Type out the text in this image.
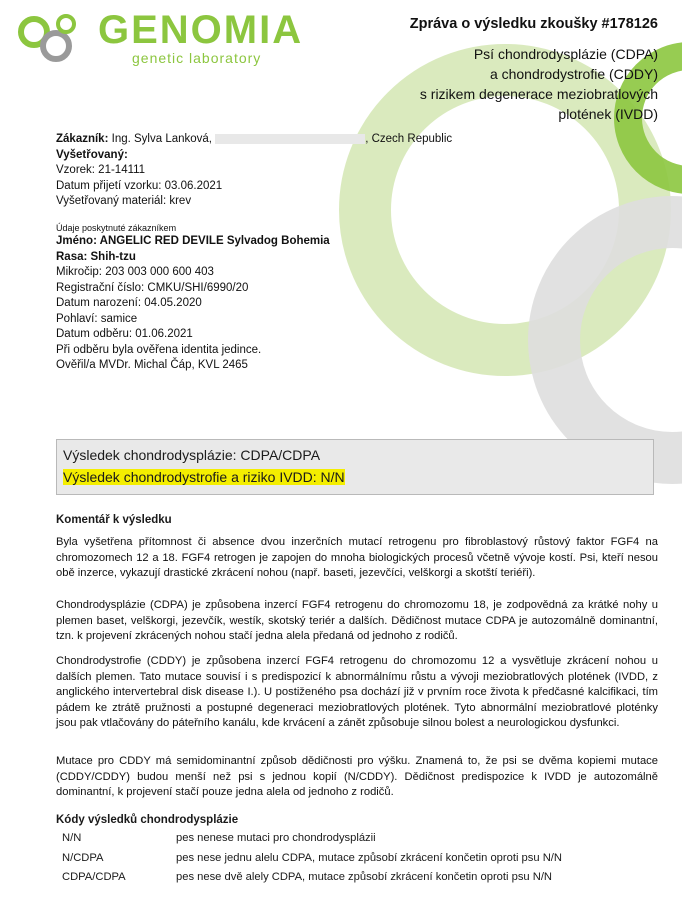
GENOMIA
genetic laboratory
Zpráva o výsledku zkoušky #178126
Psí chondrodysplázie (CDPA)
a chondrodystrofie (CDDY)
s rizikem degenerace meziobratlových
plotének (IVDD)
Zákazník: Ing. Sylva Lanková,	, Czech Republic
Vyšetřovaný:
Vzorek: 21-14111
Datum přijetí vzorku: 03.06.2021
Vyšetřovaný materiál: krev
Údaje poskytnuté zákazníkem
Jméno: ANGELIC RED DEVILE Sylvadog Bohemia
Rasa: Shih-tzu
Mikročip: 203 003 000 600 403
Registrační číslo: CMKU/SHI/6990/20
Datum narození: 04.05.2020
Pohlaví: samice
Datum odběru: 01.06.2021
Při odběru byla ověřena identita jedince.
Ověřil/a MVDr. Michal Čáp, KVL 2465
Výsledek chondrodysplázie: CDPA/CDPA
Výsledek chondrodystrofie a riziko IVDD: N/N
Komentář k výsledku
Byla vyšetřena přítomnost či absence dvou inzerčních mutací retrogenu pro fibroblastový růstový faktor FGF4 na chromozomech 12 a 18. FGF4 retrogen je zapojen do mnoha biologických procesů včetně vývoje kostí. Psi, kteří nesou obě inzerce, vykazují drastické zkrácení nohou (např. baseti, jezevčíci, velškorgi a skotští teriéři).
Chondrodysplázie (CDPA) je způsobena inzercí FGF4 retrogenu do chromozomu 18, je zodpovědná za krátké nohy u plemen baset, velškorgi, jezevčík, westík, skotský teriér a dalších. Dědičnost mutace CDPA je autozomálně dominantní, tzn. k projevení zkrácených nohou stačí jedna alela předaná od jednoho z rodičů.
Chondrodystrofie (CDDY) je způsobena inzercí FGF4 retrogenu do chromozomu 12 a vysvětluje zkrácení nohou u dalších plemen. Tato mutace souvisí i s predispozicí k abnormálnímu růstu a vývoji meziobratlových plotének (IVDD, z anglického intervertebral disk disease I.). U postiženého psa dochází již v prvním roce života k předčasné kalcifikaci, tím pádem ke ztrátě pružnosti a postupné degeneraci meziobratlových plotének. Tyto abnormální meziobratlové ploténky jsou pak vtlačovány do páteřního kanálu, kde krvácení a zánět způsobuje silnou bolest a neurologickou dysfunkci.
Mutace pro CDDY má semidominantní způsob dědičnosti pro výšku. Znamená to, že psi se dvěma kopiemi mutace (CDDY/CDDY) budou menší než psi s jednou kopií (N/CDDY). Dědičnost predispozice k IVDD je autozomálně dominantní, k projevení stačí pouze jedna alela od jednoho z rodičů.
Kódy výsledků chondrodysplázie
N/N	pes nenese mutaci pro chondrodysplázii
N/CDPA	pes nese jednu alelu CDPA, mutace způsobí zkrácení končetin oproti psu N/N
CDPA/CDPA	pes nese dvě alely CDPA, mutace způsobí zkrácení končetin oproti psu N/N
